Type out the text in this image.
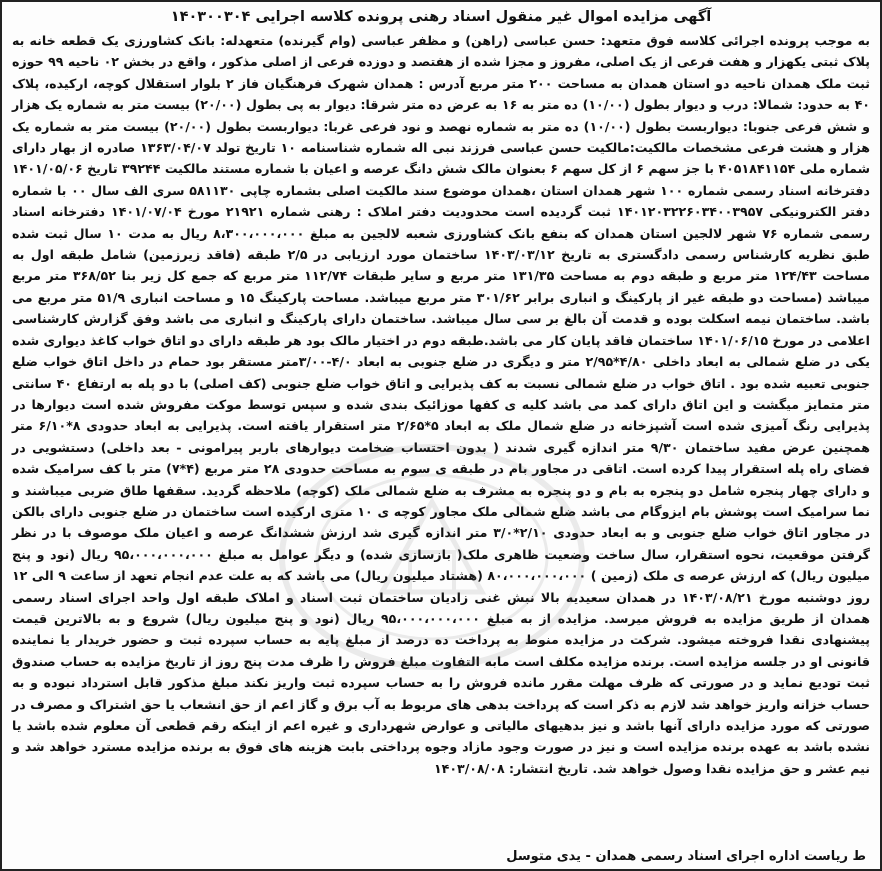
آگهی مزایده اموال غیر منقول اسناد رهنی پرونده کلاسه اجرایی ۱۴۰۳۰۰۳۰۴

به موجب پرونده اجرائی کلاسه فوق متعهد: حسن عباسی (راهن) و مظفر عباسی (وام گیرنده) متعهدله: بانک کشاورزی یک قطعه خانه به پلاک ثبتی یکهزار و هفت فرعی از یک اصلی، مفروز و مجزا شده از هفتصد و دوزده فرعی از اصلی مذکور ، واقع در بخش ۰۲ ناحیه ۹۹ حوزه ثبت ملک همدان ناحیه دو استان همدان به مساحت ۲۰۰ متر مربع آدرس : همدان شهرک فرهنگیان فاز ۲ بلوار استقلال کوچه، ارکیده، پلاک ۴۰ به حدود: شمالا: درب و دیوار بطول (۱۰/۰۰) ده متر به ۱۶ به عرض ده متر شرقا: دیوار به پی بطول (۲۰/۰۰) بیست متر به شماره یک هزار و شش فرعی جنوبا: دیواربست بطول (۱۰/۰۰) ده متر به شماره نهصد و نود فرعی غربا: دیواربست بطول (۲۰/۰۰) بیست متر به شماره یک هزار و هشت فرعی مشخصات مالکیت:مالکیت حسن عباسی فرزند نبی اله شماره شناسنامه ۱۰ تاریخ تولد ۱۳۶۳/۰۴/۰۷ صادره از بهار دارای شماره ملی ۴۰۵۱۸۴۱۱۵۴ با جز سهم ۶ از کل سهم ۶ بعنوان مالک شش دانگ عرصه و اعیان با شماره مستند مالکیت ۳۹۲۴۴ تاریخ ۱۴۰۱/۰۵/۰۶ دفترخانه اسناد رسمی شماره ۱۰۰ شهر همدان استان ،همدان موضوع سند مالکیت اصلی بشماره چاپی ۵۸۱۱۳۰ سری الف سال ۰۰ با شماره دفتر الکترونیکی ۱۴۰۱۲۰۳۲۲۶۰۳۴۰۰۳۹۵۷ ثبت گردیده است محدودیت دفتر املاک : رهنی شماره ۲۱۹۲۱ مورخ ۱۴۰۱/۰۷/۰۴ دفترخانه اسناد رسمی شماره ۷۶ شهر لالجین استان همدان که بنفع بانک کشاورزی شعبه لالجین به مبلغ ۸،۳۰۰،۰۰۰،۰۰۰ ریال به مدت ۱۰ سال ثبت شده طبق نظریه کارشناس رسمی دادگستری به تاریخ ۱۴۰۳/۰۳/۱۲ ساختمان مورد ارزیابی در ۲/۵ طبقه (فاقد زیرزمین) شامل طبقه اول به مساحت ۱۲۴/۴۳ متر مربع و طبقه دوم به مساحت ۱۳۱/۳۵ متر مربع و سایر طبقات ۱۱۲/۷۴ متر مربع که جمع کل زیر بنا ۳۶۸/۵۲ متر مربع میباشد (مساحت دو طبقه غیر از پارکینگ و انباری برابر ۳۰۱/۶۲ متر مربع میباشد. مساحت پارکینگ ۱۵ و مساحت انباری ۵۱/۹ متر مربع می باشد. ساختمان نیمه اسکلت بوده و قدمت آن بالغ بر سی سال میباشد. ساختمان دارای پارکینگ و انباری می باشد وفق گزارش کارشناسی اعلامی در مورخ ۱۴۰۱/۰۶/۱۵ ساختمان فاقد پایان کار می باشد.طبقه دوم در اختیار مالک بود هر طبقه دارای دو اتاق خواب کاغذ دیواری شده یکی در ضلع شمالی به ابعاد داخلی ۴/۸۰*۲/۹۵ متر و دیگری در ضلع جنوبی به ابعاد ۴/۰-۳/۰۰متر مستقر بود حمام در داخل اتاق خواب ضلع جنوبی تعبیه شده بود . اتاق خواب در ضلع شمالی نسبت به کف پذیرایی و اتاق خواب ضلع جنوبی (کف اصلی) با دو پله به ارتفاع ۴۰ سانتی متر متمایز میگشت و این اتاق دارای کمد می باشد کلیه ی کفها موزائیک بندی شده و سپس توسط موکت مفروش شده است دیوارها در پذیرایی رنگ آمیزی شده است آشپزخانه در ضلع شمال ملک به ابعاد ۵*۲/۶۵ متر استقرار یافته است. پذیرایی به ابعاد حدودی ۸*۶/۱۰ متر همچنین عرض مفید ساختمان ۹/۳۰ متر اندازه گیری شدند ( بدون احتساب ضخامت دیوارهای باربر پیرامونی - بعد داخلی) دستشویی در فضای راه پله استقرار پیدا کرده است. اتاقی در مجاور بام در طبقه ی سوم به مساحت حدودی ۲۸ متر مربع (۴*۷) متر با کف سرامیک شده و دارای چهار پنجره شامل دو پنجره به بام و دو پنجره به مشرف به ضلع شمالی ملک (کوچه) ملاحظه گردید. سقفها طاق ضربی میباشند و نما سرامیک است پوشش بام ایزوگام می باشد ضلع شمالی ملک مجاور کوچه ی ۱۰ متری ارکیده است ساختمان در ضلع جنوبی دارای بالکن در مجاور اتاق خواب ضلع جنوبی و به ابعاد حدودی ۲/۱۰*۳/۰ متر اندازه گیری شد ارزش ششدانگ عرصه و اعیان ملک موصوف با در نظر گرفتن موقعیت، نحوه استقرار، سال ساخت وضعیت ظاهری ملک( بازسازی شده) و دیگر عوامل به مبلغ ۹۵،۰۰۰،۰۰۰،۰۰۰ ریال (نود و پنج میلیون ریال) که ارزش عرصه ی ملک (زمین ) ۸۰،۰۰۰،۰۰۰،۰۰۰ (هشتاد میلیون ریال) می باشد که به علت عدم انجام تعهد از ساعت ۹ الی ۱۲ روز دوشنبه مورخ ۱۴۰۳/۰۸/۲۱ در همدان سعیدیه بالا نبش غنی زادیان ساختمان ثبت اسناد و املاک طبقه اول واحد اجرای اسناد رسمی همدان از طریق مزایده به فروش میرسد. مزایده از به مبلغ ۹۵،۰۰۰،۰۰۰،۰۰۰ ریال (نود و پنج میلیون ریال) شروع و به بالاترین قیمت پیشنهادی نقدا فروخته میشود. شرکت در مزایده منوط به پرداخت ده درصد از مبلغ پایه به حساب سپرده ثبت و حضور خریدار یا نماینده قانونی او در جلسه مزایده است. برنده مزایده مکلف است مابه التفاوت مبلغ فروش را ظرف مدت پنج روز از تاریخ مزایده به حساب صندوق ثبت تودیع نماید و در صورتی که ظرف مهلت مقرر مانده فروش را به حساب سپرده ثبت واریز نکند مبلغ مذکور قابل استرداد نبوده و به حساب خزانه واریز خواهد شد لازم به ذکر است که پرداخت بدهی های مربوط به آب برق و گاز اعم از حق انشعاب یا حق اشتراک و مصرف در صورتی که مورد مزایده دارای آنها باشد و نیز بدهیهای مالیاتی و عوارض شهرداری و غیره اعم از اینکه رقم قطعی آن معلوم شده باشد یا نشده باشد به عهده برنده مزایده است و نیز در صورت وجود مازاد وجوه پرداختی بابت هزینه های فوق به برنده مزایده مسترد خواهد شد و نیم عشر و حق مزایده نقدا وصول خواهد شد. تاریخ انتشار: ۱۴۰۳/۰۸/۰۸

ط رياست اداره اجرای اسناد رسمی همدان - يدی متوسل
